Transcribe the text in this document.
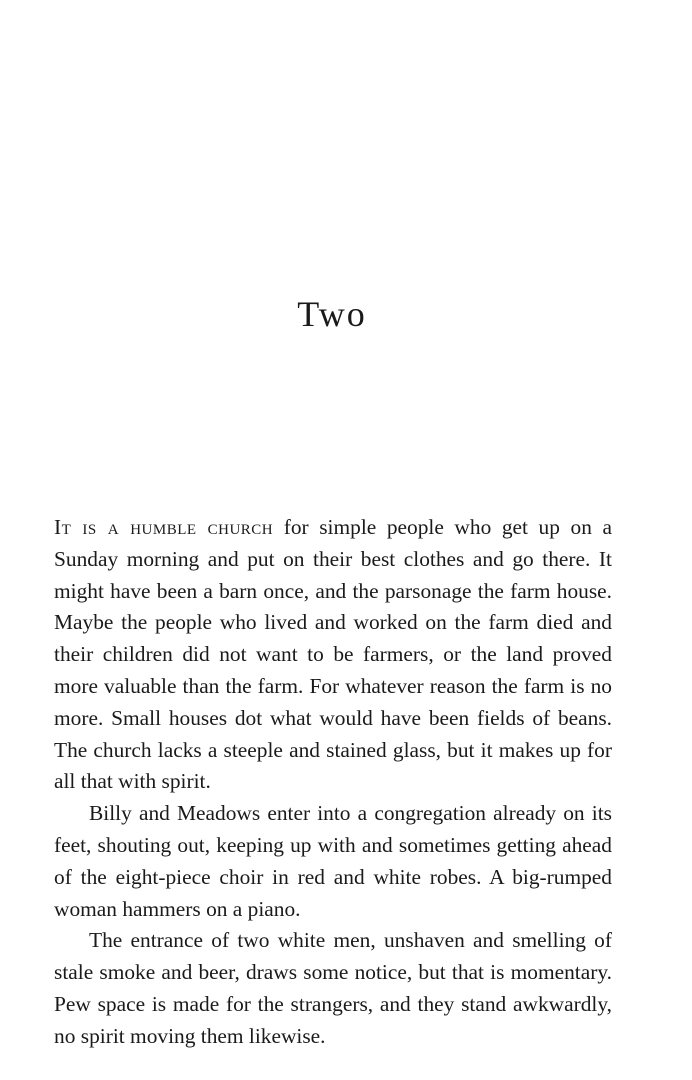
Two

It is a humble church for simple people who get up on a Sunday morning and put on their best clothes and go there. It might have been a barn once, and the parsonage the farm house. Maybe the people who lived and worked on the farm died and their children did not want to be farmers, or the land proved more valuable than the farm. For whatever reason the farm is no more. Small houses dot what would have been fields of beans. The church lacks a steeple and stained glass, but it makes up for all that with spirit.

Billy and Meadows enter into a congregation already on its feet, shouting out, keeping up with and sometimes getting ahead of the eight-piece choir in red and white robes. A big-rumped woman hammers on a piano.

The entrance of two white men, unshaven and smelling of stale smoke and beer, draws some notice, but that is momentary. Pew space is made for the strangers, and they stand awkwardly, no spirit moving them likewise.
